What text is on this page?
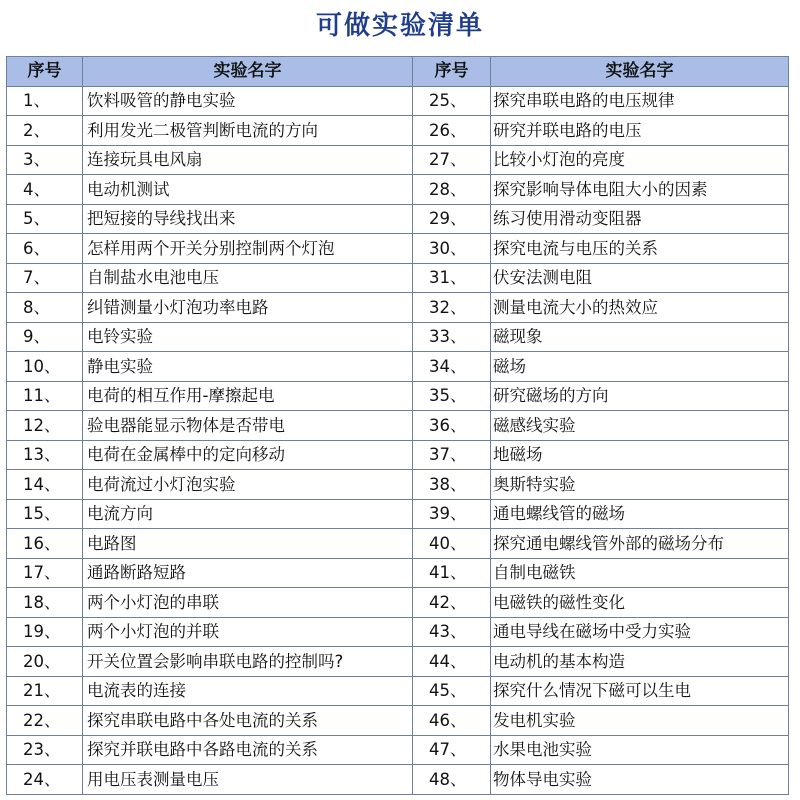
可做实验清单
序号	实验名字	序号	实验名字
1、	饮料吸管的静电实验	25、	探究串联电路的电压规律
2、	利用发光二极管判断电流的方向	26、	研究并联电路的电压
3、	连接玩具电风扇	27、	比较小灯泡的亮度
4、	电动机测试	28、	探究影响导体电阻大小的因素
5、	把短接的导线找出来	29、	练习使用滑动变阻器
6、	怎样用两个开关分别控制两个灯泡	30、	探究电流与电压的关系
7、	自制盐水电池电压	31、	伏安法测电阻
8、	纠错测量小灯泡功率电路	32、	测量电流大小的热效应
9、	电铃实验	33、	磁现象
10、	静电实验	34、	磁场
11、	电荷的相互作用-摩擦起电	35、	研究磁场的方向
12、	验电器能显示物体是否带电	36、	磁感线实验
13、	电荷在金属棒中的定向移动	37、	地磁场
14、	电荷流过小灯泡实验	38、	奥斯特实验
15、	电流方向	39、	通电螺线管的磁场
16、	电路图	40、	探究通电螺线管外部的磁场分布
17、	通路断路短路	41、	自制电磁铁
18、	两个小灯泡的串联	42、	电磁铁的磁性变化
19、	两个小灯泡的并联	43、	通电导线在磁场中受力实验
20、	开关位置会影响串联电路的控制吗?	44、	电动机的基本构造
21、	电流表的连接	45、	探究什么情况下磁可以生电
22、	探究串联电路中各处电流的关系	46、	发电机实验
23、	探究并联电路中各路电流的关系	47、	水果电池实验
24、	用电压表测量电压	48、	物体导电实验
